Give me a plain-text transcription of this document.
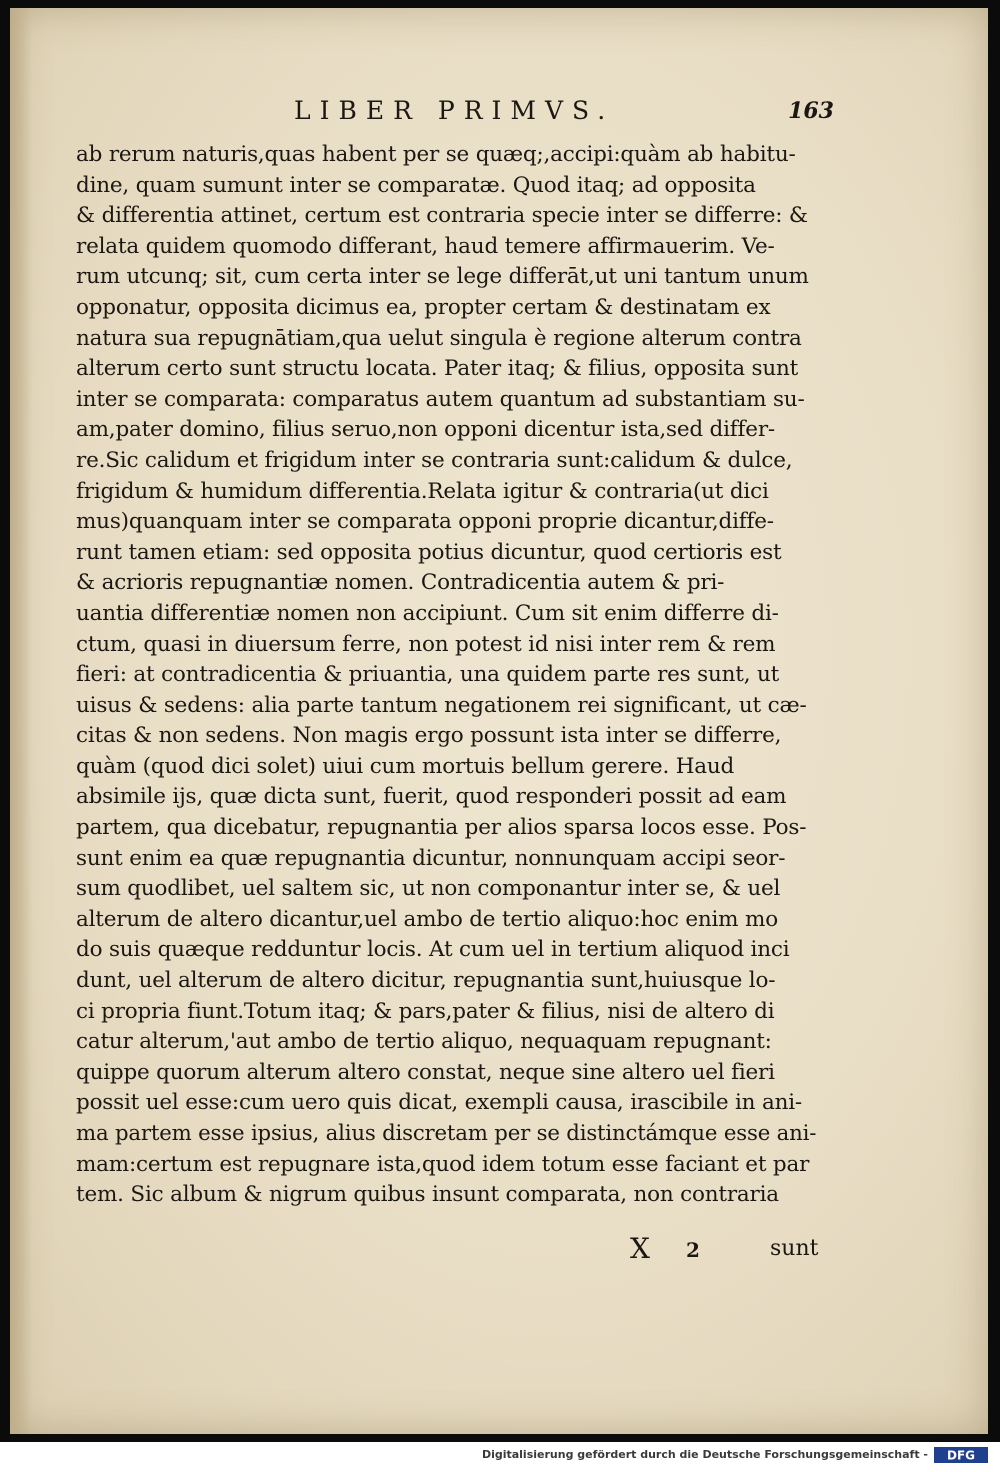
LIBER PRIMVS.	163
ab rerum naturis,quas habent per se quæq;,accipi:quàm ab habitu-
dine, quam sumunt inter se comparatæ. Quod itaq; ad opposita
& differentia attinet, certum est contraria specie inter se differre: &
relata quidem quomodo differant, haud temere affirmauerim. Ve-
rum utcunq; sit, cum certa inter se lege differāt,ut uni tantum unum
opponatur, opposita dicimus ea, propter certam & destinatam ex
natura sua repugnātiam,qua uelut singula è regione alterum contra
alterum certo sunt structu locata. Pater itaq; & filius, opposita sunt
inter se comparata: comparatus autem quantum ad substantiam su-
am,pater domino, filius seruo,non opponi dicentur ista,sed differ-
re.Sic calidum et frigidum inter se contraria sunt:calidum & dulce,
frigidum & humidum differentia.Relata igitur & contraria(ut dici
mus)quanquam inter se comparata opponi proprie dicantur,diffe-
runt tamen etiam: sed opposita potius dicuntur, quod certioris est
& acrioris repugnantiæ nomen. Contradicentia autem & pri-
uantia differentiæ nomen non accipiunt. Cum sit enim differre di-
ctum, quasi in diuersum ferre, non potest id nisi inter rem & rem
fieri: at contradicentia & priuantia, una quidem parte res sunt, ut
uisus & sedens: alia parte tantum negationem rei significant, ut cæ-
citas & non sedens. Non magis ergo possunt ista inter se differre,
quàm (quod dici solet) uiui cum mortuis bellum gerere. Haud
absimile ijs, quæ dicta sunt, fuerit, quod responderi possit ad eam
partem, qua dicebatur, repugnantia per alios sparsa locos esse. Pos-
sunt enim ea quæ repugnantia dicuntur, nonnunquam accipi seor-
sum quodlibet, uel saltem sic, ut non componantur inter se, & uel
alterum de altero dicantur,uel ambo de tertio aliquo:hoc enim mo
do suis quæque redduntur locis. At cum uel in tertium aliquod inci
dunt, uel alterum de altero dicitur, repugnantia sunt,huiusque lo-
ci propria fiunt.Totum itaq; & pars,pater & filius, nisi de altero di
catur alterum,'aut ambo de tertio aliquo, nequaquam repugnant:
quippe quorum alterum altero constat, neque sine altero uel fieri
possit uel esse:cum uero quis dicat, exempli causa, irascibile in ani-
ma partem esse ipsius, alius discretam per se distinctámque esse ani-
mam:certum est repugnare ista,quod idem totum esse faciant et par
tem. Sic album & nigrum quibus insunt comparata, non contraria
X 2	sunt
Digitalisierung gefördert durch die Deutsche Forschungsgemeinschaft - DFG
